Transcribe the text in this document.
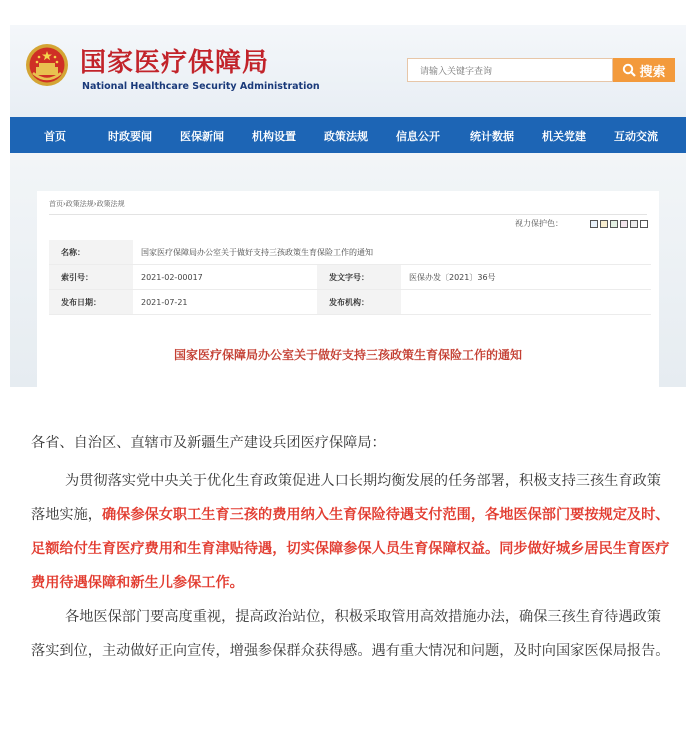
国家医疗保障局
National Healthcare Security Administration
请输入关键字查询
搜索
首页	时政要闻	医保新闻	机构设置	政策法规	信息公开	统计数据	机关党建	互动交流
首页›政策法规›政策法规
视力保护色：
名称：	国家医疗保障局办公室关于做好支持三孩政策生育保险工作的通知		
索引号：	2021-02-00017	发文字号：	医保办发〔2021〕36号
发布日期：	2021-07-21	发布机构：	
国家医疗保障局办公室关于做好支持三孩政策生育保险工作的通知

各省、自治区、直辖市及新疆生产建设兵团医疗保障局：

为贯彻落实党中央关于优化生育政策促进人口长期均衡发展的任务部署，积极支持三孩生育政策落地实施，确保参保女职工生育三孩的费用纳入生育保险待遇支付范围，各地医保部门要按规定及时、足额给付生育医疗费用和生育津贴待遇，切实保障参保人员生育保障权益。同步做好城乡居民生育医疗费用待遇保障和新生儿参保工作。

各地医保部门要高度重视，提高政治站位，积极采取管用高效措施办法，确保三孩生育待遇政策落实到位，主动做好正向宣传，增强参保群众获得感。遇有重大情况和问题，及时向国家医保局报告。
